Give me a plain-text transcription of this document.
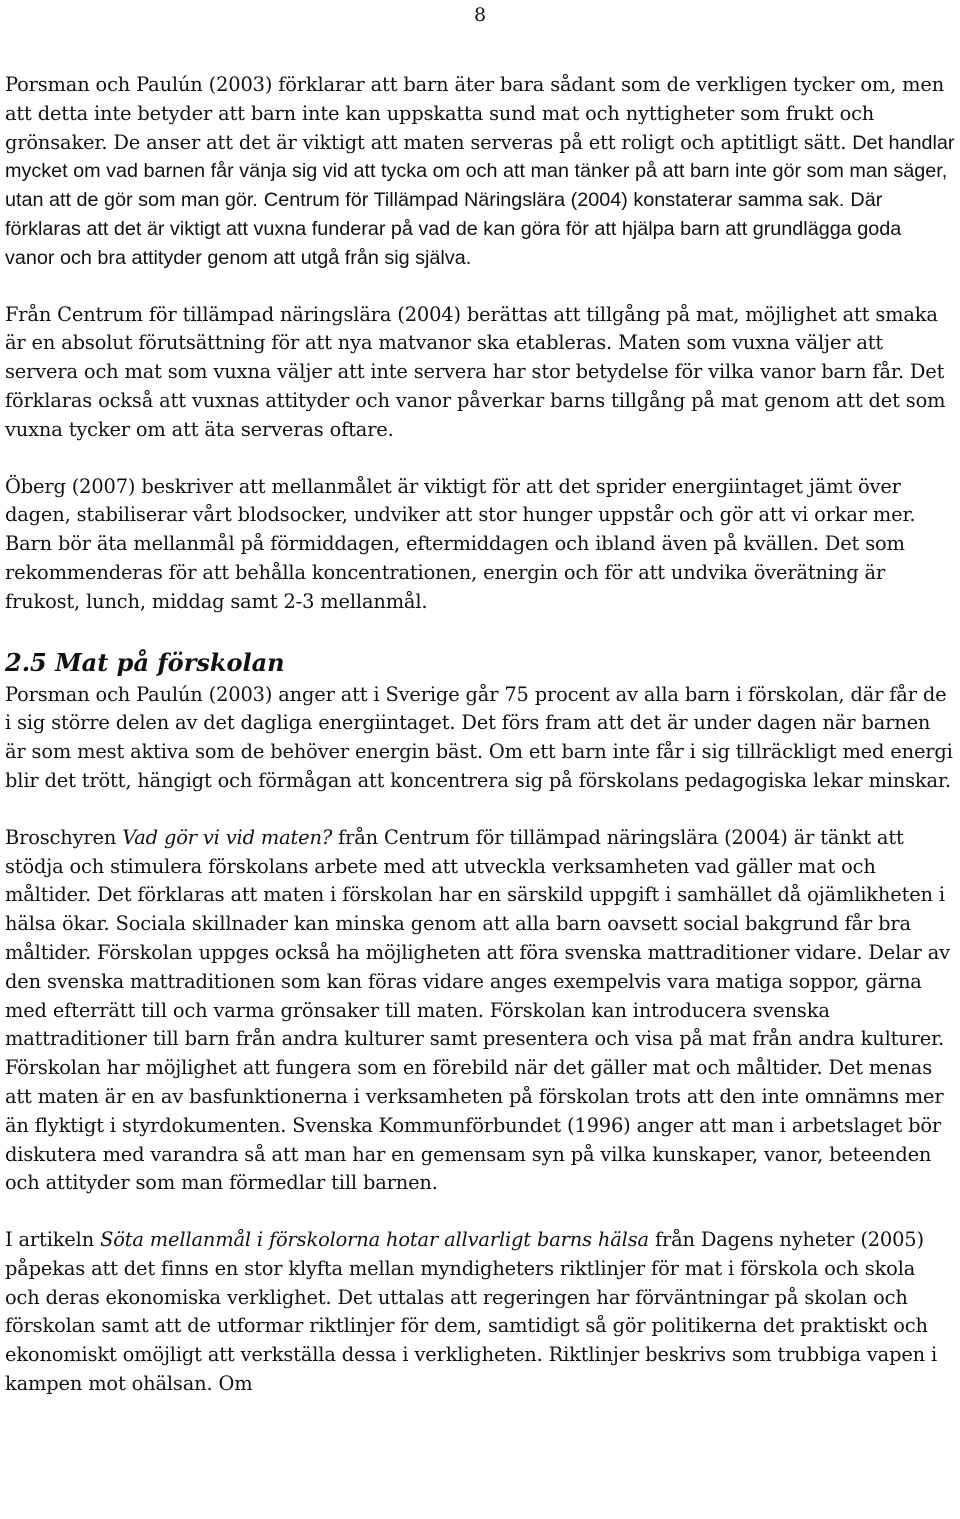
8

Porsman och Paulún (2003) förklarar att barn äter bara sådant som de verkligen tycker om, men att detta inte betyder att barn inte kan uppskatta sund mat och nyttigheter som frukt och grönsaker. De anser att det är viktigt att maten serveras på ett roligt och aptitligt sätt. Det handlar mycket om vad barnen får vänja sig vid att tycka om och att man tänker på att barn inte gör som man säger, utan att de gör som man gör. Centrum för Tillämpad Näringslära (2004) konstaterar samma sak. Där förklaras att det är viktigt att vuxna funderar på vad de kan göra för att hjälpa barn att grundlägga goda vanor och bra attityder genom att utgå från sig själva.

Från Centrum för tillämpad näringslära (2004) berättas att tillgång på mat, möjlighet att smaka är en absolut förutsättning för att nya matvanor ska etableras. Maten som vuxna väljer att servera och mat som vuxna väljer att inte servera har stor betydelse för vilka vanor barn får. Det förklaras också att vuxnas attityder och vanor påverkar barns tillgång på mat genom att det som vuxna tycker om att äta serveras oftare.

Öberg (2007) beskriver att mellanmålet är viktigt för att det sprider energiintaget jämt över dagen, stabiliserar vårt blodsocker, undviker att stor hunger uppstår och gör att vi orkar mer. Barn bör äta mellanmål på förmiddagen, eftermiddagen och ibland även på kvällen. Det som rekommenderas för att behålla koncentrationen, energin och för att undvika överätning är frukost, lunch, middag samt 2-3 mellanmål.

2.5 Mat på förskolan

Porsman och Paulún (2003) anger att i Sverige går 75 procent av alla barn i förskolan, där får de i sig större delen av det dagliga energiintaget. Det förs fram att det är under dagen när barnen är som mest aktiva som de behöver energin bäst. Om ett barn inte får i sig tillräckligt med energi blir det trött, hängigt och förmågan att koncentrera sig på förskolans pedagogiska lekar minskar.

Broschyren Vad gör vi vid maten? från Centrum för tillämpad näringslära (2004) är tänkt att stödja och stimulera förskolans arbete med att utveckla verksamheten vad gäller mat och måltider. Det förklaras att maten i förskolan har en särskild uppgift i samhället då ojämlikheten i hälsa ökar. Sociala skillnader kan minska genom att alla barn oavsett social bakgrund får bra måltider. Förskolan uppges också ha möjligheten att föra svenska mattraditioner vidare. Delar av den svenska mattraditionen som kan föras vidare anges exempelvis vara matiga soppor, gärna med efterrätt till och varma grönsaker till maten. Förskolan kan introducera svenska mattraditioner till barn från andra kulturer samt presentera och visa på mat från andra kulturer. Förskolan har möjlighet att fungera som en förebild när det gäller mat och måltider. Det menas att maten är en av basfunktionerna i verksamheten på förskolan trots att den inte omnämns mer än flyktigt i styrdokumenten. Svenska Kommunförbundet (1996) anger att man i arbetslaget bör diskutera med varandra så att man har en gemensam syn på vilka kunskaper, vanor, beteenden och attityder som man förmedlar till barnen.

I artikeln Söta mellanmål i förskolorna hotar allvarligt barns hälsa från Dagens nyheter (2005) påpekas att det finns en stor klyfta mellan myndigheters riktlinjer för mat i förskola och skola och deras ekonomiska verklighet. Det uttalas att regeringen har förväntningar på skolan och förskolan samt att de utformar riktlinjer för dem, samtidigt så gör politikerna det praktiskt och ekonomiskt omöjligt att verkställa dessa i verkligheten. Riktlinjer beskrivs som trubbiga vapen i kampen mot ohälsan. Om
